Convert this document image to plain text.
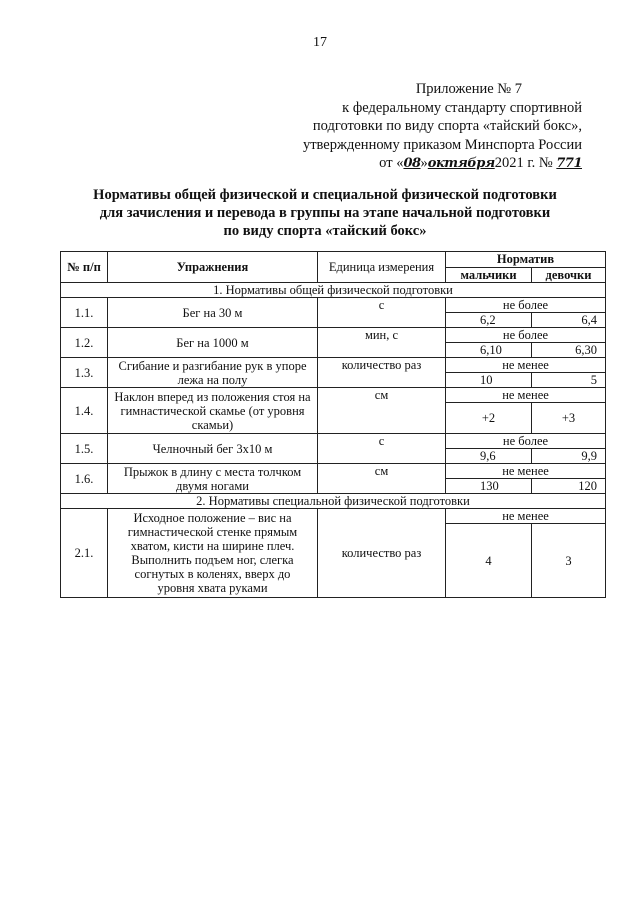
17
Приложение № 7
к федеральному стандарту спортивной
подготовки по виду спорта «тайский бокс»,
утвержденному приказом Минспорта России
от «08»октября2021 г. № 771
Нормативы общей физической и специальной физической подготовки
для зачисления и перевода в группы на этапе начальной подготовки
по виду спорта «тайский бокс»
№ п/п	Упражнения	Единица измерения	Норматив	
			мальчики	девочки
1. Нормативы общей физической подготовки				
1.1.	Бег на 30 м	с	не более	
			6,2	6,4
1.2.	Бег на 1000 м	мин, с	не более	
			6,10	6,30
1.3.	Сгибание и разгибание рук в упоре лежа на полу	количество раз	не менее	
			10	5
1.4.	Наклон вперед из положения стоя на гимнастической скамье (от уровня скамьи)	см	не менее	
			+2	+3
1.5.	Челночный бег 3х10 м	с	не более	
			9,6	9,9
1.6.	Прыжок в длину с места толчком двумя ногами	см	не менее	
			130	120
2. Нормативы специальной физической подготовки				
2.1.	Исходное положение – вис на гимнастической стенке прямым хватом, кисти на ширине плеч. Выполнить подъем ног, слегка согнутых в коленях, вверх до уровня хвата руками	количество раз	не менее	
			4	3
